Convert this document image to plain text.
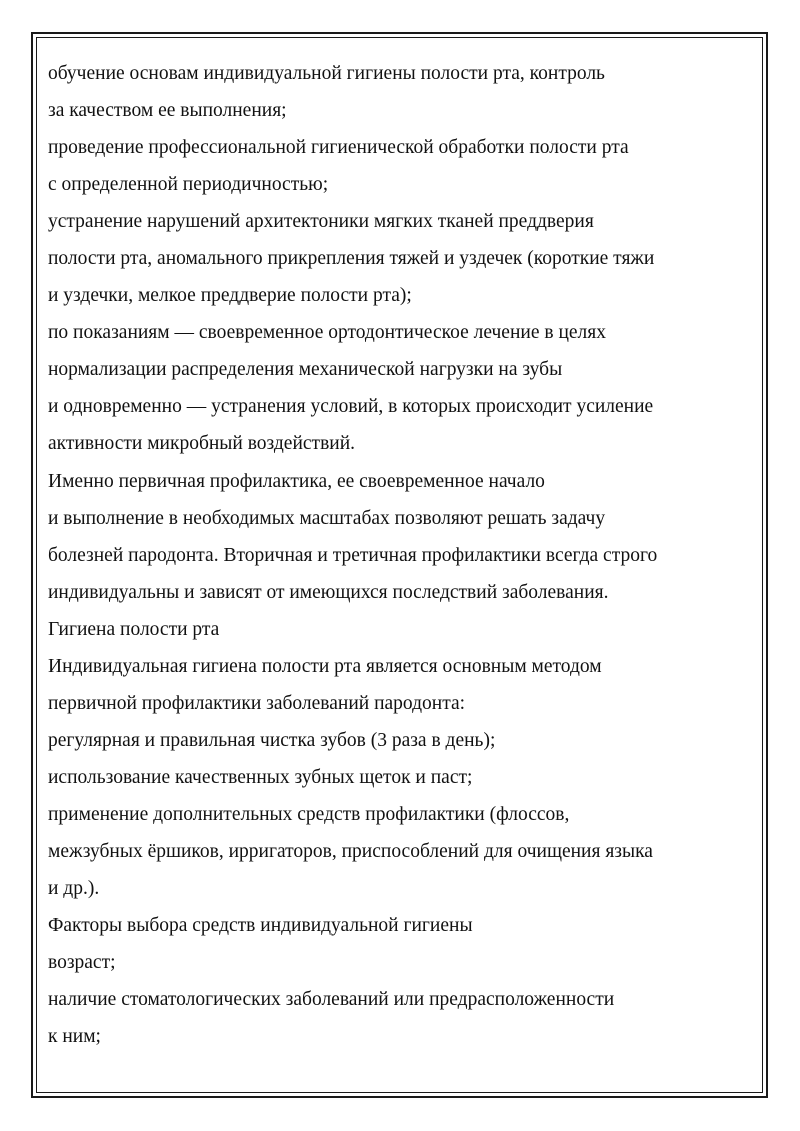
обучение основам индивидуальной гигиены полости рта, контроль
за качеством ее выполнения;
проведение профессиональной гигиенической обработки полости рта
с определенной периодичностью;
устранение нарушений архитектоники мягких тканей преддверия
полости рта, аномального прикрепления тяжей и уздечек (короткие тяжи
и уздечки, мелкое преддверие полости рта);
по показаниям — своевременное ортодонтическое лечение в целях
нормализации распределения механической нагрузки на зубы
и одновременно — устранения условий, в которых происходит усиление
активности микробный воздействий.
Именно первичная профилактика, ее своевременное начало
и выполнение в необходимых масштабах позволяют решать задачу
болезней пародонта. Вторичная и третичная профилактики всегда строго
индивидуальны и зависят от имеющихся последствий заболевания.
Гигиена полости рта
Индивидуальная гигиена полости рта является основным методом
первичной профилактики заболеваний пародонта:
регулярная и правильная чистка зубов (3 раза в день);
использование качественных зубных щеток и паст;
применение дополнительных средств профилактики (флоссов,
межзубных ёршиков, ирригаторов, приспособлений для очищения языка
и др.).
Факторы выбора средств индивидуальной гигиены
возраст;
наличие стоматологических заболеваний или предрасположенности
к ним;
